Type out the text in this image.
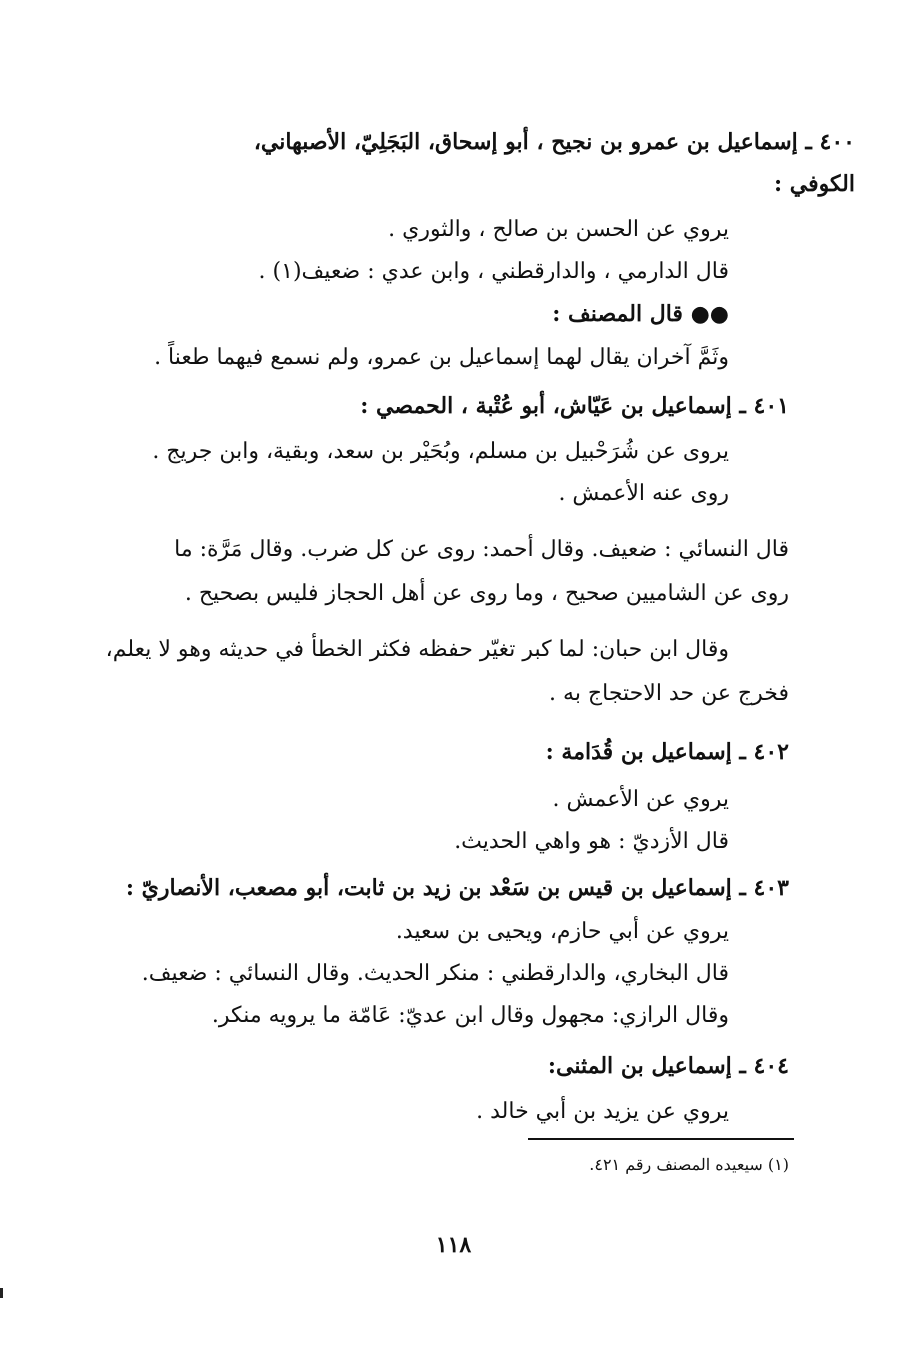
٤٠٠ ـ إسماعيل بن عمرو بن نجيح ، أبو إسحاق، البَجَلِيّ، الأصبهاني،
الكوفي :
يروي عن الحسن بن صالح ، والثوري .
قال الدارمي ، والدارقطني ، وابن عدي : ضعيف(١) .
●● قال المصنف :
وثَمَّ آخران يقال لهما إسماعيل بن عمرو، ولم نسمع فيهما طعناً .
٤٠١ ـ إسماعيل بن عَيّاش، أبو عُتْبة ، الحمصي :
يروى عن شُرَحْبيل بن مسلم، وبُحَيْر بن سعد، وبقية، وابن جريج .
روى عنه الأعمش .
قال النسائي : ضعيف. وقال أحمد: روى عن كل ضرب. وقال مَرَّة: ما
روى عن الشاميين صحيح ، وما روى عن أهل الحجاز فليس بصحيح .
وقال ابن حبان: لما كبر تغيّر حفظه فكثر الخطأ في حديثه وهو لا يعلم،
فخرج عن حد الاحتجاج به .
٤٠٢ ـ إسماعيل بن قُدَامة :
يروي عن الأعمش .
قال الأزديّ : هو واهي الحديث.
٤٠٣ ـ إسماعيل بن قيس بن سَعْد بن زيد بن ثابت، أبو مصعب، الأنصاريّ :
يروي عن أبي حازم، ويحيى بن سعيد.
قال البخاري، والدارقطني : منكر الحديث. وقال النسائي : ضعيف.
وقال الرازي: مجهول وقال ابن عديّ: عَامّة ما يرويه منكر.
٤٠٤ ـ إسماعيل بن المثنى:
يروي عن يزيد بن أبي خالد .
(١) سيعيده المصنف رقم ٤٢١.
١١٨
